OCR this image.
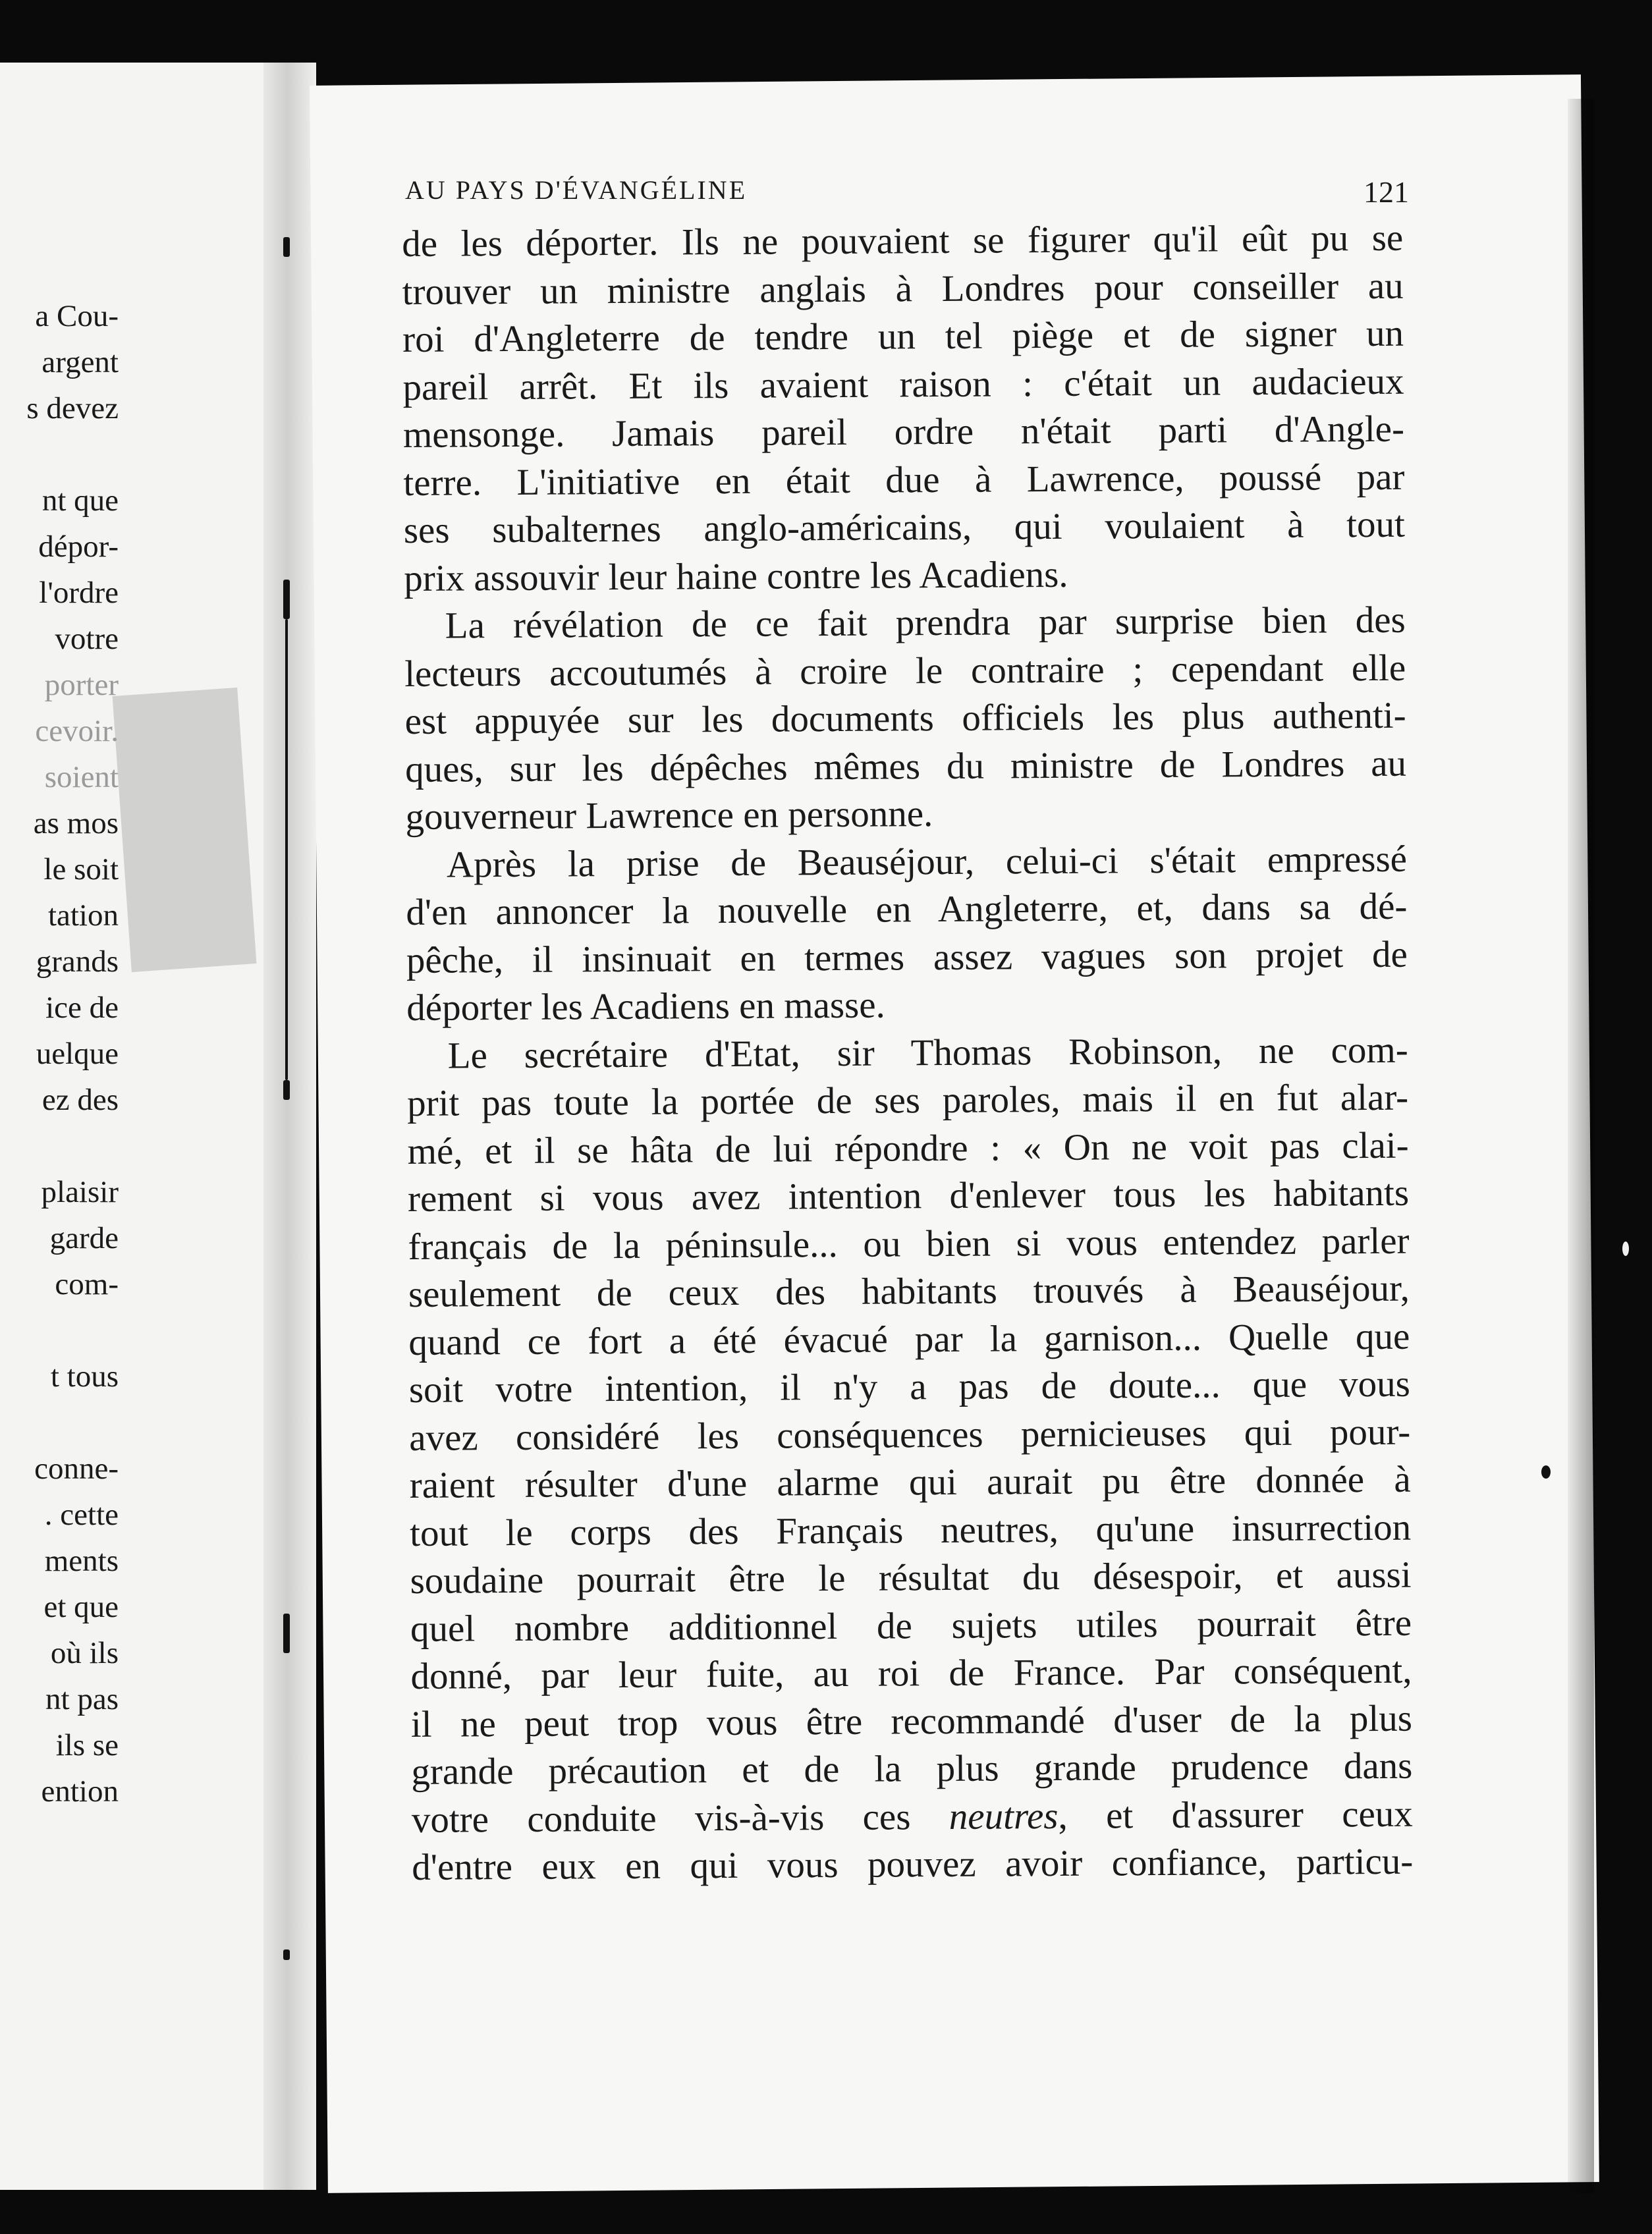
a Cou-
argent
s devez
nt que
dépor-
l'ordre
votre
porter
cevoir.
soient
as mos
le soit
tation
grands
ice de
uelque
ez des
plaisir
garde
com-
t tous
conne-
. cette
ments
et que
où ils
nt pas
ils se
ention
AU PAYS D'ÉVANGÉLINE	121
de les déporter. Ils ne pouvaient se figurer qu'il eût pu se
trouver un ministre anglais à Londres pour conseiller au
roi d'Angleterre de tendre un tel piège et de signer un
pareil arrêt. Et ils avaient raison : c'était un audacieux
mensonge. Jamais pareil ordre n'était parti d'Angle-
terre. L'initiative en était due à Lawrence, poussé par
ses subalternes anglo-américains, qui voulaient à tout
prix assouvir leur haine contre les Acadiens.
La révélation de ce fait prendra par surprise bien des
lecteurs accoutumés à croire le contraire ; cependant elle
est appuyée sur les documents officiels les plus authenti-
ques, sur les dépêches mêmes du ministre de Londres au
gouverneur Lawrence en personne.
Après la prise de Beauséjour, celui-ci s'était empressé
d'en annoncer la nouvelle en Angleterre, et, dans sa dé-
pêche, il insinuait en termes assez vagues son projet de
déporter les Acadiens en masse.
Le secrétaire d'Etat, sir Thomas Robinson, ne com-
prit pas toute la portée de ses paroles, mais il en fut alar-
mé, et il se hâta de lui répondre : « On ne voit pas clai-
rement si vous avez intention d'enlever tous les habitants
français de la péninsule... ou bien si vous entendez parler
seulement de ceux des habitants trouvés à Beauséjour,
quand ce fort a été évacué par la garnison... Quelle que
soit votre intention, il n'y a pas de doute... que vous
avez considéré les conséquences pernicieuses qui pour-
raient résulter d'une alarme qui aurait pu être donnée à
tout le corps des Français neutres, qu'une insurrection
soudaine pourrait être le résultat du désespoir, et aussi
quel nombre additionnel de sujets utiles pourrait être
donné, par leur fuite, au roi de France. Par conséquent,
il ne peut trop vous être recommandé d'user de la plus
grande précaution et de la plus grande prudence dans
votre conduite vis-à-vis ces neutres, et d'assurer ceux
d'entre eux en qui vous pouvez avoir confiance, particu-
